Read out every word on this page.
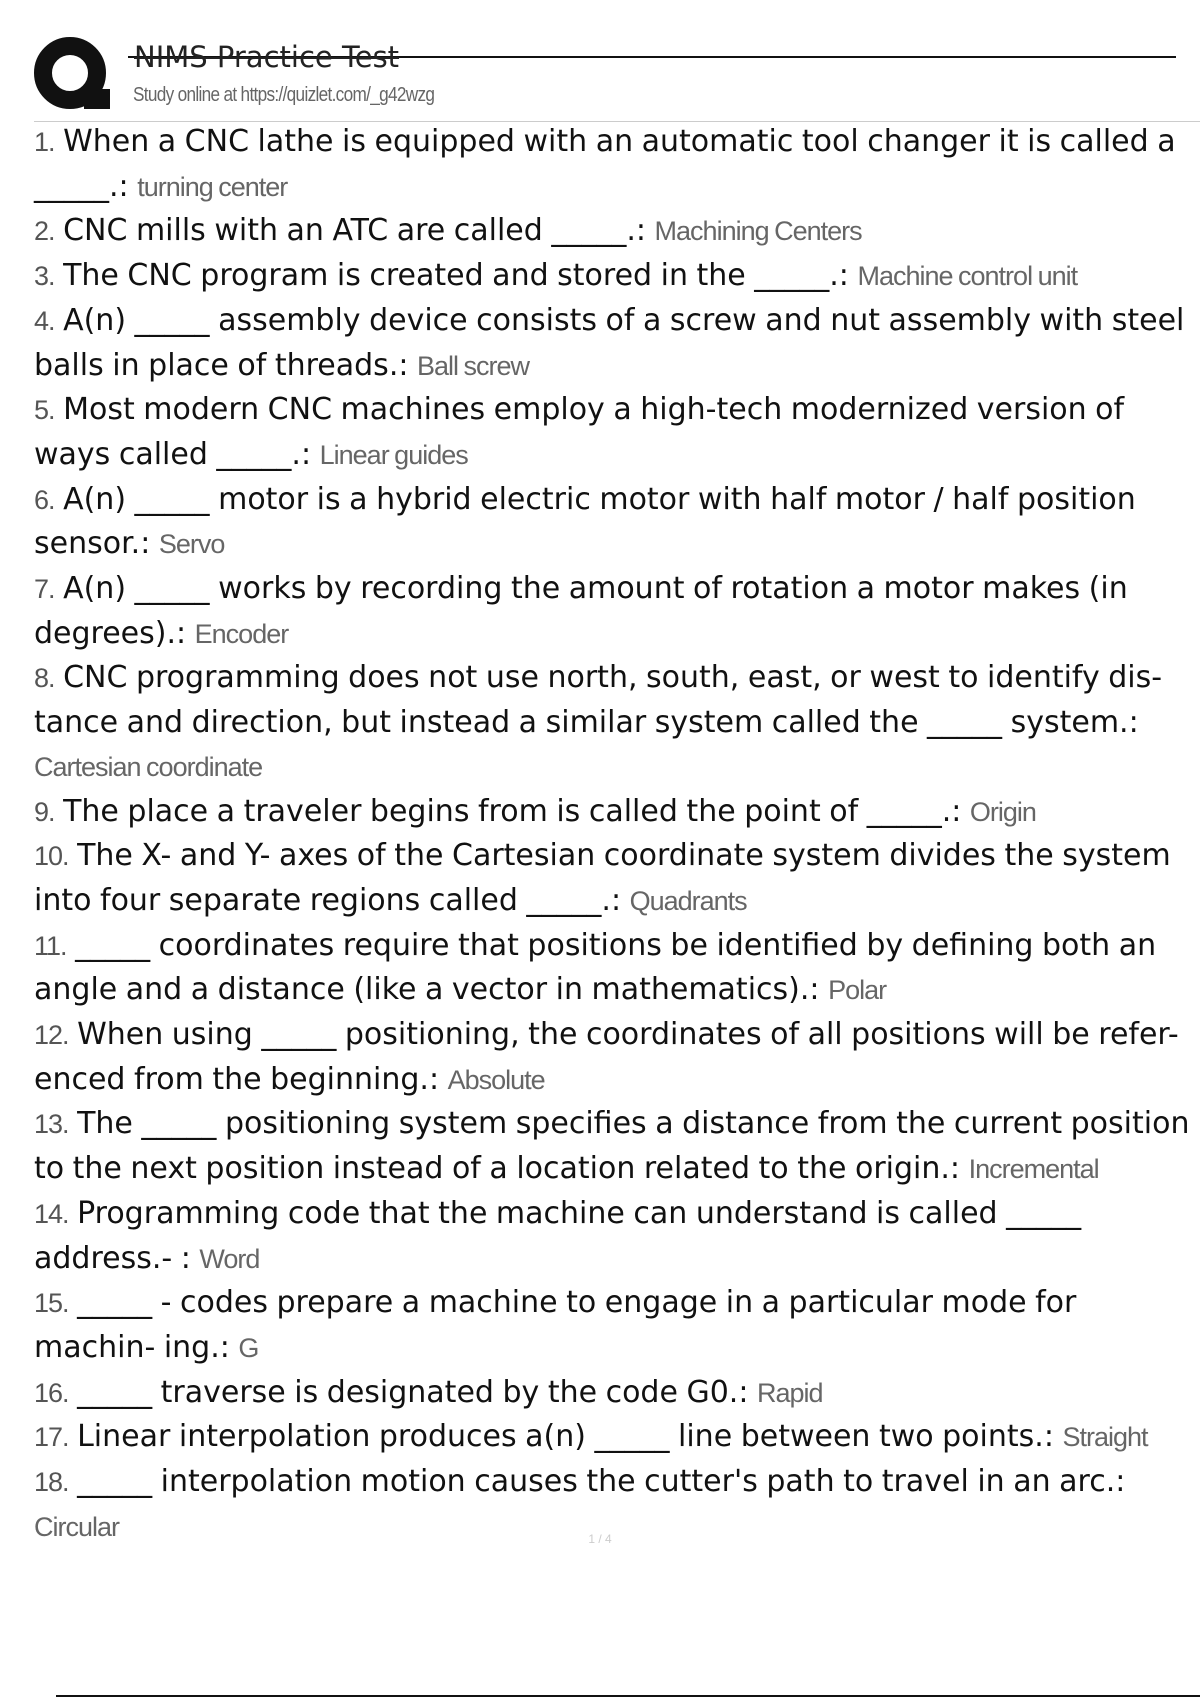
NIMS Practice Test
Study online at https://quizlet.com/_g42wzg
1. When a CNC lathe is equipped with an automatic tool changer it is called a _____.: turning center
2. CNC mills with an ATC are called _____.: Machining Centers
3. The CNC program is created and stored in the _____.: Machine control unit
4. A(n) _____ assembly device consists of a screw and nut assembly with steel balls in place of threads.: Ball screw
5. Most modern CNC machines employ a high-tech modernized version of ways called _____.: Linear guides
6. A(n) _____ motor is a hybrid electric motor with half motor / half position sensor.: Servo
7. A(n) _____ works by recording the amount of rotation a motor makes (in degrees).: Encoder
8. CNC programming does not use north, south, east, or west to identify dis- tance and direction, but instead a similar system called the _____ system.: Cartesian coordinate
9. The place a traveler begins from is called the point of _____.: Origin
10. The X- and Y- axes of the Cartesian coordinate system divides the system into four separate regions called _____.: Quadrants
11. _____ coordinates require that positions be identified by defining both an angle and a distance (like a vector in mathematics).: Polar
12. When using _____ positioning, the coordinates of all positions will be refer- enced from the beginning.: Absolute
13. The _____ positioning system specifies a distance from the current position to the next position instead of a location related to the origin.: Incremental
14. Programming code that the machine can understand is called _____ address.- : Word
15. _____ - codes prepare a machine to engage in a particular mode for machin- ing.: G
16. _____ traverse is designated by the code G0.: Rapid
17. Linear interpolation produces a(n) _____ line between two points.: Straight
18. _____ interpolation motion causes the cutter's path to travel in an arc.: Circular	1 / 4
